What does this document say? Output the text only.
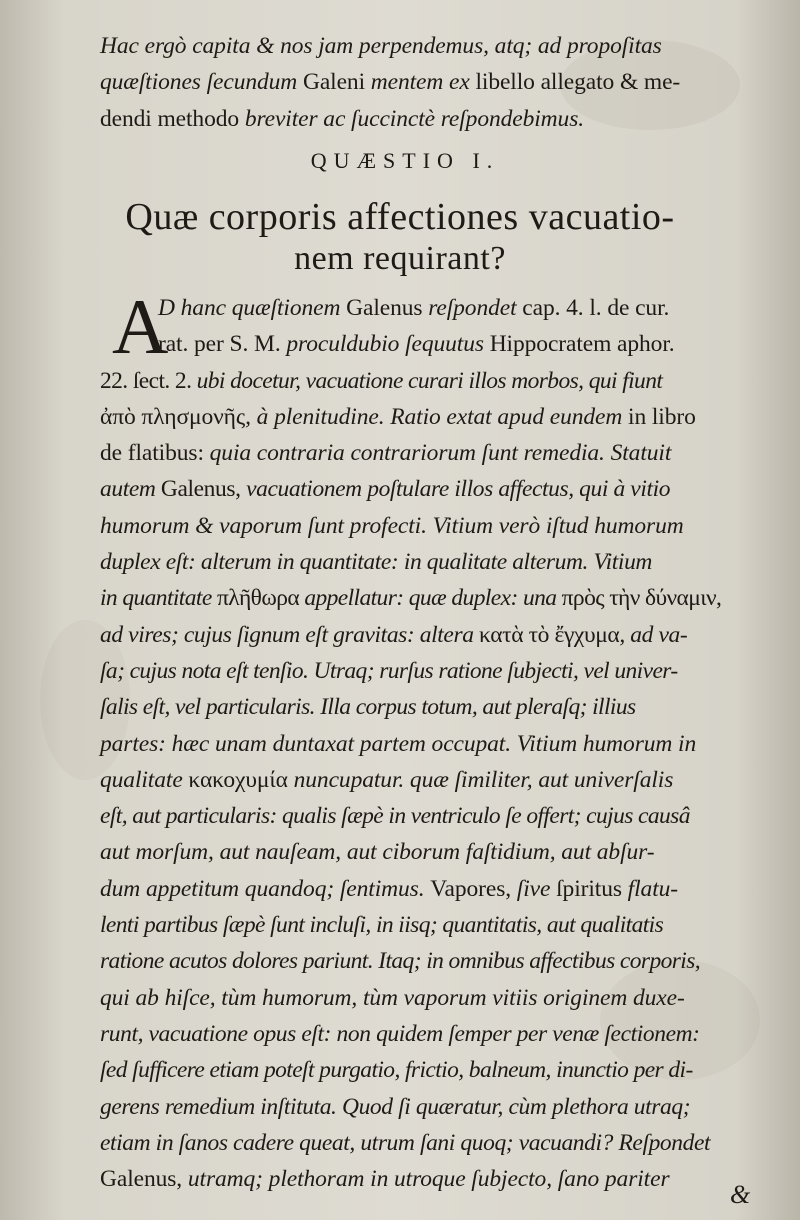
Hac ergò capita & nos jam perpendemus, atq; ad propoſitas
quæſtiones ſecundum Galeni mentem ex libello allegato & me-
dendi methodo breviter ac ſuccinctè reſpondebimus.
QUÆSTIO I.
Quæ corporis affectiones vacuatio-
nem requirant?
A
D hanc quæſtionem Galenus reſpondet cap. 4. l. de cur.
rat. per S. M. proculdubio ſequutus Hippocratem aphor.
22. ſect. 2. ubi docetur, vacuatione curari illos morbos, qui fiunt
ἀπὸ πλησμονῆς, à plenitudine. Ratio extat apud eundem in libro
de flatibus: quia contraria contrariorum ſunt remedia. Statuit
autem Galenus, vacuationem poſtulare illos affectus, qui à vitio
humorum & vaporum ſunt profecti. Vitium verò iſtud humorum
duplex eſt: alterum in quantitate: in qualitate alterum. Vitium
in quantitate πλῆθωρα appellatur: quæ duplex: una πρὸς τὴν δύναμιν,
ad vires; cujus ſignum eſt gravitas: altera κατὰ τὸ ἔγχυμα, ad va-
ſa; cujus nota eſt tenſio. Utraq; rurſus ratione ſubjecti, vel univer-
ſalis eſt, vel particularis. Illa corpus totum, aut pleraſq; illius
partes: hæc unam duntaxat partem occupat. Vitium humorum in
qualitate κακοχυμία nuncupatur. quæ ſimiliter, aut univerſalis
eſt, aut particularis: qualis ſæpè in ventriculo ſe offert; cujus causâ
aut morſum, aut nauſeam, aut ciborum faſtidium, aut abſur-
dum appetitum quandoq; ſentimus. Vapores, ſive ſpiritus flatu-
lenti partibus ſæpè ſunt incluſi, in iisq; quantitatis, aut qualitatis
ratione acutos dolores pariunt. Itaq; in omnibus affectibus corporis,
qui ab hiſce, tùm humorum, tùm vaporum vitiis originem duxe-
runt, vacuatione opus eſt: non quidem ſemper per venæ ſectionem:
ſed ſufficere etiam poteſt purgatio, frictio, balneum, inunctio per di-
gerens remedium inſtituta. Quod ſi quæratur, cùm plethora utraq;
etiam in ſanos cadere queat, utrum ſani quoq; vacuandi? Reſpondet
Galenus, utramq; plethoram in utroque ſubjecto, ſano pariter
&
